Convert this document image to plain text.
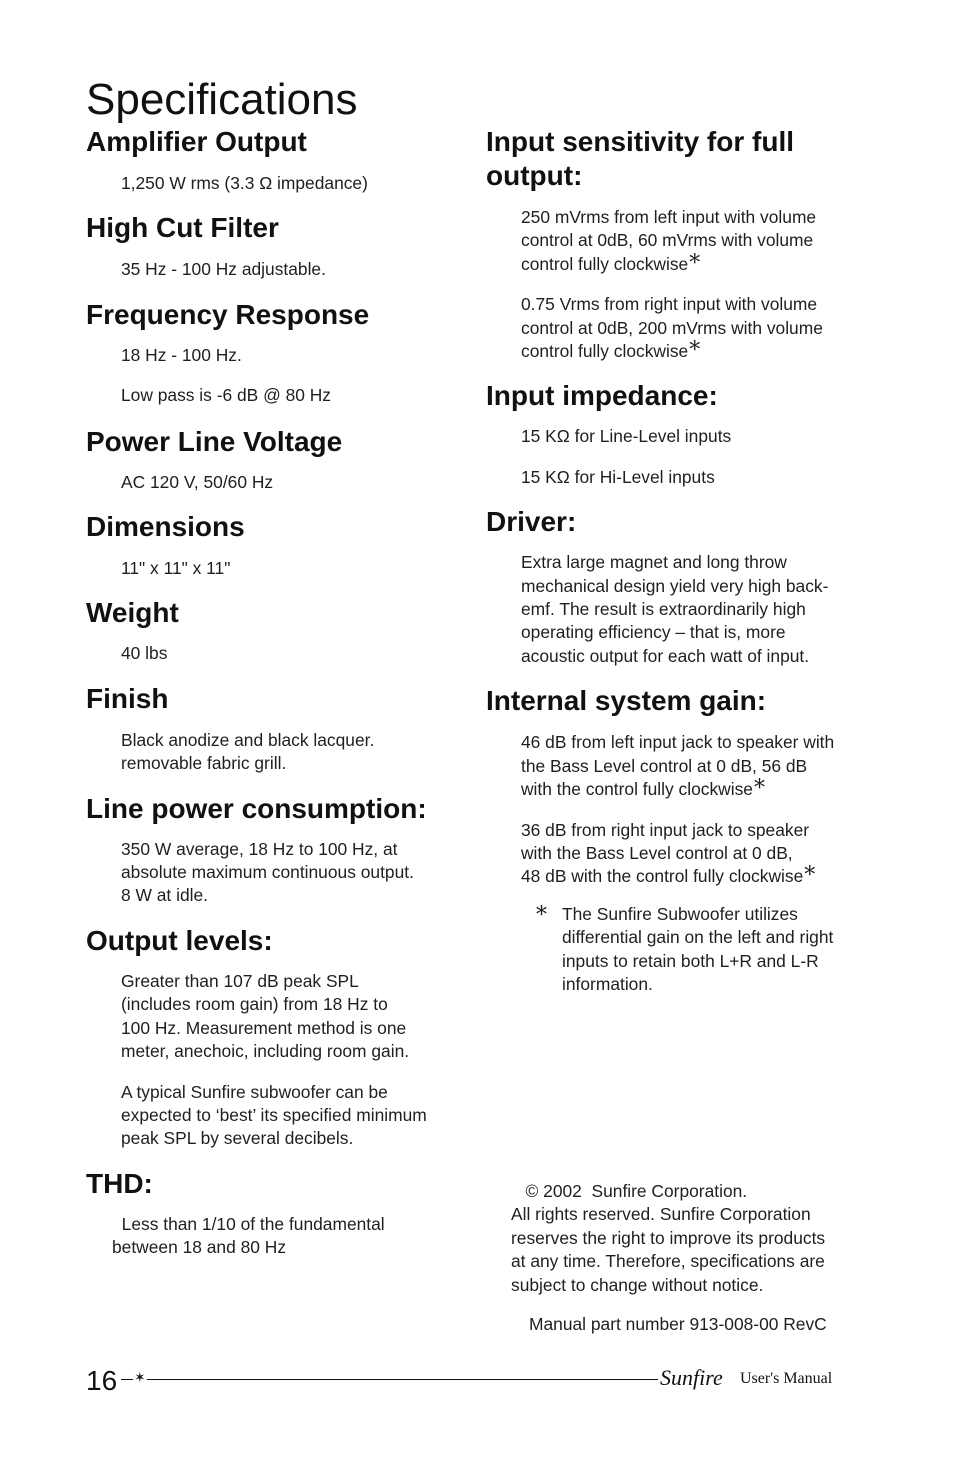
Specifications
Amplifier Output

1,250 W rms (3.3 Ω impedance)

High Cut Filter

35 Hz - 100 Hz adjustable.

Frequency Response

18 Hz - 100 Hz.

Low pass is -6 dB @ 80 Hz

Power Line Voltage

AC 120 V, 50/60 Hz

Dimensions

11" x 11" x 11"

Weight

40 lbs

Finish

Black anodize and black lacquer.
removable fabric grill.

Line power consumption:

350 W average, 18 Hz to 100 Hz, at
absolute maximum continuous output.
8 W at idle.

Output levels:

Greater than 107 dB peak SPL
(includes room gain) from 18 Hz to
100 Hz. Measurement method is one
meter, anechoic, including room gain.

A typical Sunfire subwoofer can be
expected to ‘best’ its specified minimum
peak SPL by several decibels.

THD:

Less than 1/10 of the fundamental
between 18 and 80 Hz

Input sensitivity for full output:

250 mVrms from left input with volume
control at 0dB, 60 mVrms with volume
control fully clockwise*

0.75 Vrms from right input with volume
control at 0dB, 200 mVrms with volume
control fully clockwise*

Input impedance:

15 KΩ for Line-Level inputs

15 KΩ for Hi-Level inputs

Driver:

Extra large magnet and long throw
mechanical design yield very high back-
emf. The result is extraordinarily high
operating efficiency – that is, more
acoustic output for each watt of input.

Internal system gain:

46 dB from left input jack to speaker with
the Bass Level control at 0 dB, 56 dB
with the control fully clockwise*

36 dB from right input jack to speaker
with the Bass Level control at 0 dB,
48 dB with the control fully clockwise*

* The Sunfire Subwoofer utilizes
differential gain on the left and right
inputs to retain both L+R and L-R
information.

© 2002  Sunfire Corporation.
All rights reserved. Sunfire Corporation
reserves the right to improve its products
at any time. Therefore, specifications are
subject to change without notice.
Manual part number 913-008-00 RevC
16 ✶	Sunfire User's Manual
